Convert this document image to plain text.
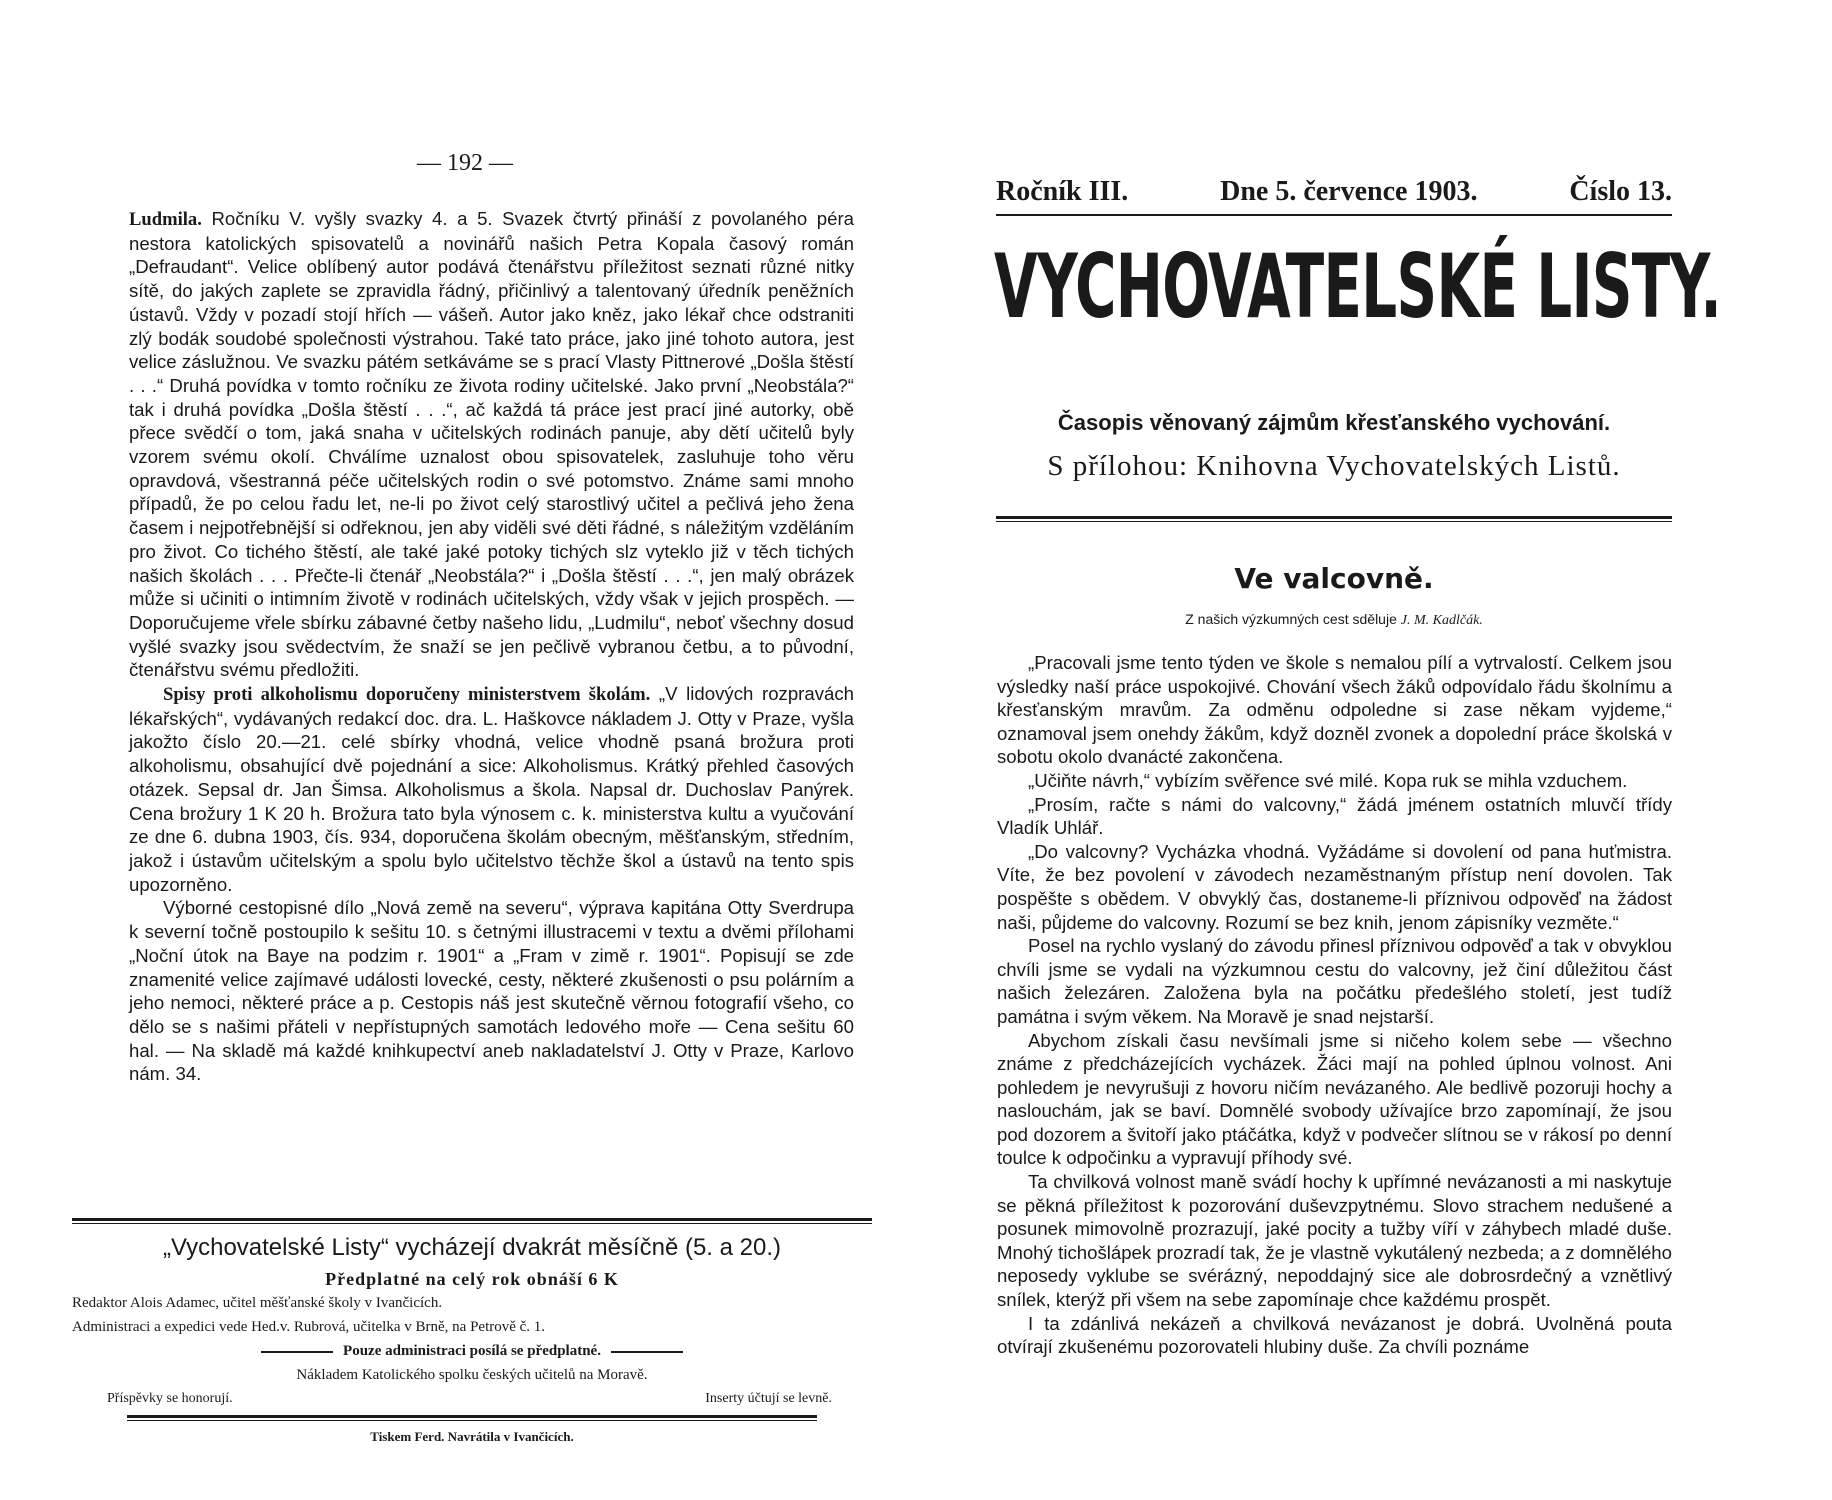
— 192 —

Ludmila. Ročníku V. vyšly svazky 4. a 5. Svazek čtvrtý přináší z povolaného péra nestora katolických spisovatelů a novinářů našich Petra Kopala časový román „Defraudant“. Velice oblíbený autor podává čtenářstvu příležitost seznati různé nitky sítě, do jakých zaplete se zpravidla řádný, přičinlivý a talentovaný úředník peněžních ústavů. Vždy v pozadí stojí hřích — vášeň. Autor jako kněz, jako lékař chce odstraniti zlý bodák soudobé společnosti výstrahou. Také tato práce, jako jiné tohoto autora, jest velice záslužnou. Ve svazku pátém setkáváme se s prací Vlasty Pittnerové „Došla štěstí . . .“ Druhá povídka v tomto ročníku ze života rodiny učitelské. Jako první „Neobstála?“ tak i druhá povídka „Došla štěstí . . .“, ač každá tá práce jest prací jiné autorky, obě přece svědčí o tom, jaká snaha v učitelských rodinách panuje, aby dětí učitelů byly vzorem svému okolí. Chválíme uznalost obou spisovatelek, zasluhuje toho věru opravdová, všestranná péče učitelských rodin o své potomstvo. Známe sami mnoho případů, že po celou řadu let, ne-li po život celý starostlivý učitel a pečlivá jeho žena časem i nejpotřebnější si odřeknou, jen aby viděli své děti řádné, s náležitým vzděláním pro život. Co tichého štěstí, ale také jaké potoky tichých slz vyteklo již v těch tichých našich školách . . . Přečte-li čtenář „Neobstála?“ i „Došla štěstí . . .“, jen malý obrázek může si učiniti o intimním životě v rodinách učitelských, vždy však v jejich prospěch. — Doporučujeme vřele sbírku zábavné četby našeho lidu, „Ludmilu“, neboť všechny dosud vyšlé svazky jsou svědectvím, že snaží se jen pečlivě vybranou četbu, a to původní, čtenářstvu svému předložiti.

Spisy proti alkoholismu doporučeny ministerstvem školám. „V lidových rozpravách lékařských“, vydávaných redakcí doc. dra. L. Haškovce nákladem J. Otty v Praze, vyšla jakožto číslo 20.—21. celé sbírky vhodná, velice vhodně psaná brožura proti alkoholismu, obsahující dvě pojednání a sice: Alkoholismus. Krátký přehled časových otázek. Sepsal dr. Jan Šimsa. Alkoholismus a škola. Napsal dr. Duchoslav Panýrek. Cena brožury 1 K 20 h. Brožura tato byla výnosem c. k. ministerstva kultu a vyučování ze dne 6. dubna 1903, čís. 934, doporučena školám obecným, měšťanským, středním, jakož i ústavům učitelským a spolu bylo učitelstvo těchže škol a ústavů na tento spis upozorněno.

Výborné cestopisné dílo „Nová země na severu“, výprava kapitána Otty Sverdrupa k severní točně postoupilo k sešitu 10. s četnými illustracemi v textu a dvěmi přílohami „Noční útok na Baye na podzim r. 1901“ a „Fram v zimě r. 1901“. Popisují se zde znamenité velice zajímavé události lovecké, cesty, některé zkušenosti o psu polárním a jeho nemoci, některé práce a p. Cestopis náš jest skutečně věrnou fotografií všeho, co dělo se s našimi přáteli v nepřístupných samotách ledového moře — Cena sešitu 60 hal. — Na skladě má každé knihkupectví aneb nakladatelství J. Otty v Praze, Karlovo nám. 34.

„Vychovatelské Listy“ vycházejí dvakrát měsíčně (5. a 20.)
Předplatné na celý rok obnáší 6 K
Redaktor Alois Adamec, učitel měšťanské školy v Ivančicích.
Administraci a expedici vede Hed.v. Rubrová, učitelka v Brně, na Petrově č. 1.
Pouze administraci posílá se předplatné.
Nákladem Katolického spolku českých učitelů na Moravě.
Příspěvky se honorují.	Inserty účtují se levně.
Tiskem Ferd. Navrátila v Ivančicích.
Ročník III.	Dne 5. července 1903.	Číslo 13.
VYCHOVATELSKÉ LISTY.
Časopis věnovaný zájmům křesťanského vychování.
S přílohou: Knihovna Vychovatelských Listů.
Ve valcovně.
Z našich výzkumných cest sděluje J. M. Kadlčák.

„Pracovali jsme tento týden ve škole s nemalou pílí a vytrvalostí. Celkem jsou výsledky naší práce uspokojivé. Chování všech žáků odpovídalo řádu školnímu a křesťanským mravům. Za odměnu odpoledne si zase někam vyjdeme,“ oznamoval jsem onehdy žákům, když dozněl zvonek a dopolední práce školská v sobotu okolo dvanácté zakončena.

„Učiňte návrh,“ vybízím svěřence své milé. Kopa ruk se mihla vzduchem.

„Prosím, račte s námi do valcovny,“ žádá jménem ostatních mluvčí třídy Vladík Uhlář.

„Do valcovny? Vycházka vhodná. Vyžádáme si dovolení od pana huťmistra. Víte, že bez povolení v závodech nezaměstnaným přístup není dovolen. Tak pospěšte s obědem. V obvyklý čas, dostaneme-li příznivou odpověď na žádost naši, půjdeme do valcovny. Rozumí se bez knih, jenom zápisníky vezměte.“

Posel na rychlo vyslaný do závodu přinesl příznivou odpověď a tak v obvyklou chvíli jsme se vydali na výzkumnou cestu do valcovny, jež činí důležitou část našich železáren. Založena byla na počátku předešlého století, jest tudíž památna i svým věkem. Na Moravě je snad nejstarší.

Abychom získali času nevšímali jsme si ničeho kolem sebe — všechno známe z předcházejících vycházek. Žáci mají na pohled úplnou volnost. Ani pohledem je nevyrušuji z hovoru ničím nevázaného. Ale bedlivě pozoruji hochy a naslouchám, jak se baví. Domnělé svobody užívajíce brzo zapomínají, že jsou pod dozorem a švitoří jako ptáčátka, když v podvečer slítnou se v rákosí po denní toulce k odpočinku a vypravují příhody své.

Ta chvilková volnost maně svádí hochy k upřímné nevázanosti a mi naskytuje se pěkná příležitost k pozorování duševzpytnému. Slovo strachem nedušené a posunek mimovolně prozrazují, jaké pocity a tužby víří v záhybech mladé duše. Mnohý tichošlápek prozradí tak, že je vlastně vykutálený nezbeda; a z domnělého neposedy vyklube se svérázný, nepoddajný sice ale dobrosrdečný a vznětlivý snílek, kterýž při všem na sebe zapomínaje chce každému prospět.

I ta zdánlivá nekázeň a chvilková nevázanost je dobrá. Uvolněná pouta otvírají zkušenému pozorovateli hlubiny duše. Za chvíli poznáme
